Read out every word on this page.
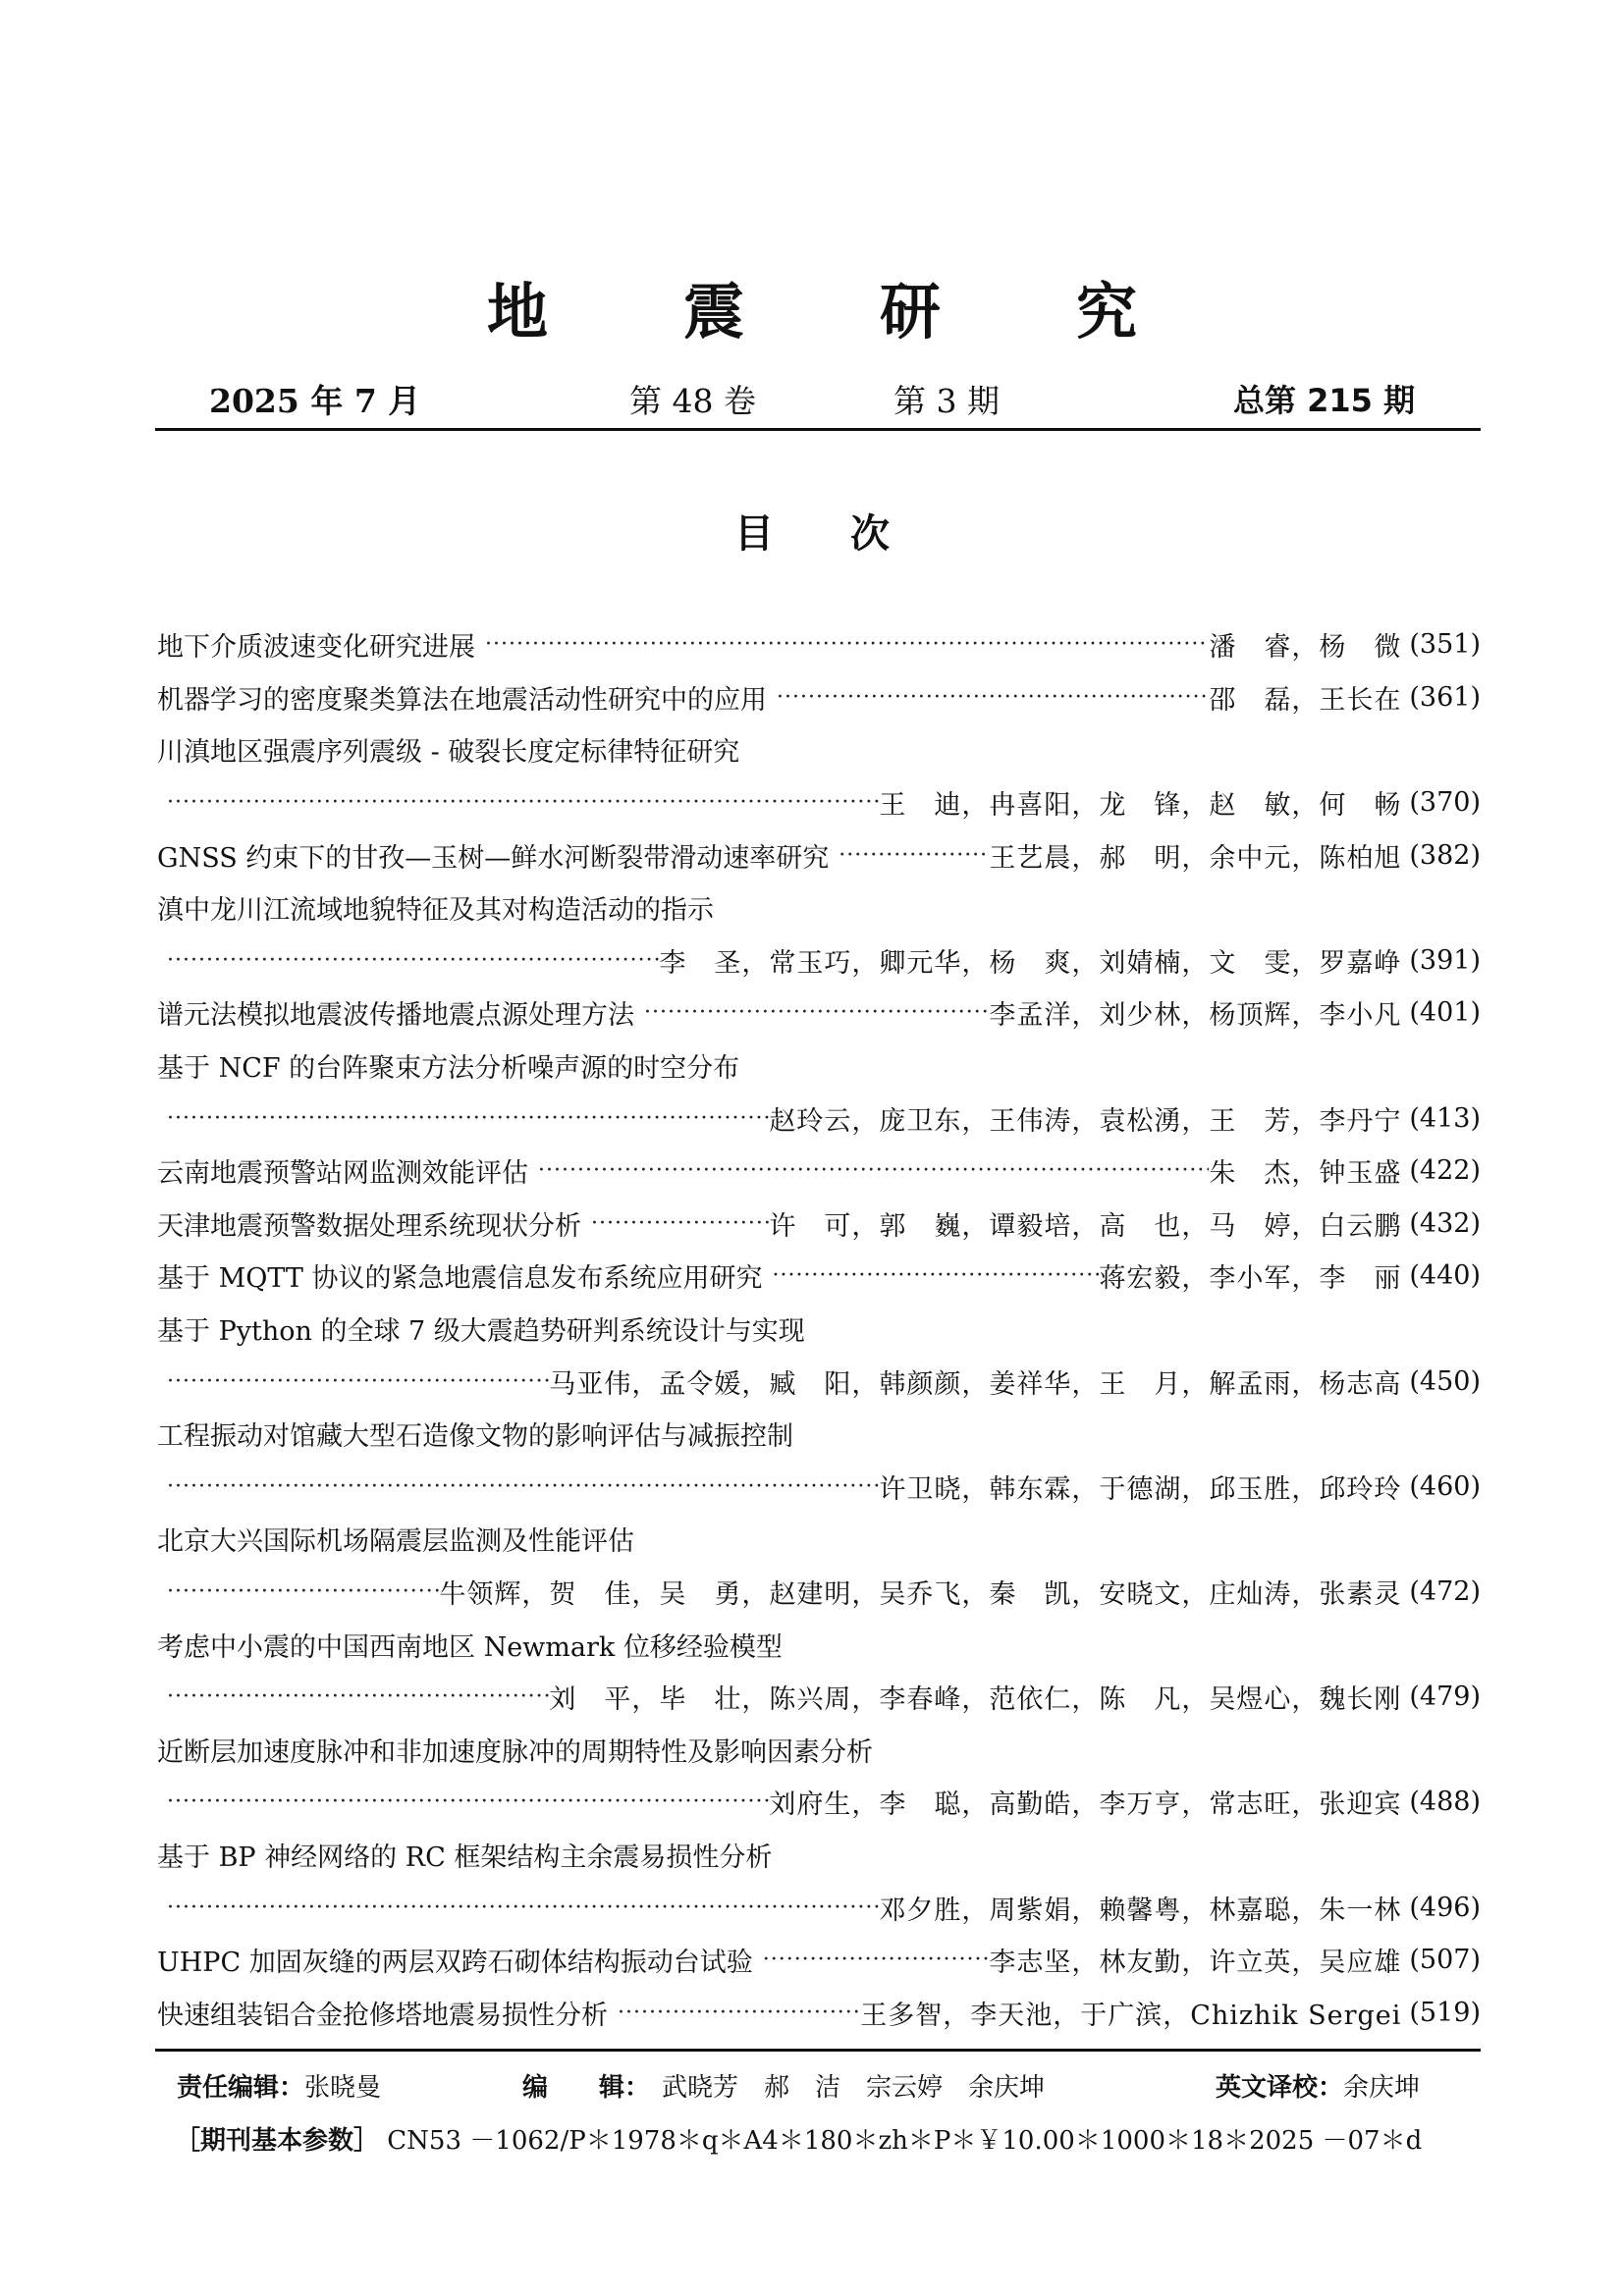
地	震	研	究
2025 年 7 月	第 48 卷	第 3 期	总第 215 期
目次
地下介质波速变化研究进展 ·····	潘　睿，杨　微 (351)
机器学习的密度聚类算法在地震活动性研究中的应用 ·····	邵　磊，王长在 (361)
川滇地区强震序列震级 - 破裂长度定标律特征研究
·····
王　迪，冉喜阳，龙　锋，赵　敏，何　畅 (370)
GNSS 约束下的甘孜—玉树—鲜水河断裂带滑动速率研究 ·····	王艺晨，郝　明，余中元，陈柏旭 (382)
滇中龙川江流域地貌特征及其对构造活动的指示
·····
李　圣，常玉巧，卿元华，杨　爽，刘婧楠，文　雯，罗嘉峥 (391)
谱元法模拟地震波传播地震点源处理方法 ·····	李孟洋，刘少林，杨顶辉，李小凡 (401)
基于 NCF 的台阵聚束方法分析噪声源的时空分布
·····
赵玲云，庞卫东，王伟涛，袁松湧，王　芳，李丹宁 (413)
云南地震预警站网监测效能评估 ·····	朱　杰，钟玉盛 (422)
天津地震预警数据处理系统现状分析 ·····	许　可，郭　巍，谭毅培，高　也，马　婷，白云鹏 (432)
基于 MQTT 协议的紧急地震信息发布系统应用研究 ·····	蒋宏毅，李小军，李　丽 (440)
基于 Python 的全球 7 级大震趋势研判系统设计与实现
·····
马亚伟，孟令媛，臧　阳，韩颜颜，姜祥华，王　月，解孟雨，杨志高 (450)
工程振动对馆藏大型石造像文物的影响评估与减振控制
·····
许卫晓，韩东霖，于德湖，邱玉胜，邱玲玲 (460)
北京大兴国际机场隔震层监测及性能评估
·····
牛领辉，贺　佳，吴　勇，赵建明，吴乔飞，秦　凯，安晓文，庄灿涛，张素灵 (472)
考虑中小震的中国西南地区 Newmark 位移经验模型
·····
刘　平，毕　壮，陈兴周，李春峰，范依仁，陈　凡，吴煜心，魏长刚 (479)
近断层加速度脉冲和非加速度脉冲的周期特性及影响因素分析
·····
刘府生，李　聪，高勤皓，李万亨，常志旺，张迎宾 (488)
基于 BP 神经网络的 RC 框架结构主余震易损性分析
·····
邓夕胜，周紫娟，赖馨粤，林嘉聪，朱一林 (496)
UHPC 加固灰缝的两层双跨石砌体结构振动台试验 ·····	李志坚，林友勤，许立英，吴应雄 (507)
快速组装铝合金抢修塔地震易损性分析 ·····	王多智，李天池，于广滨，Chizhik Sergei (519)
责任编辑： 张晓曼	编　　辑： 武晓芳　郝　洁　宗云婷　余庆坤	英文译校： 余庆坤
［期刊基本参数］ CN53 －1062/P＊1978＊q＊A4＊180＊zh＊P＊￥10.00＊1000＊18＊2025 －07＊d
